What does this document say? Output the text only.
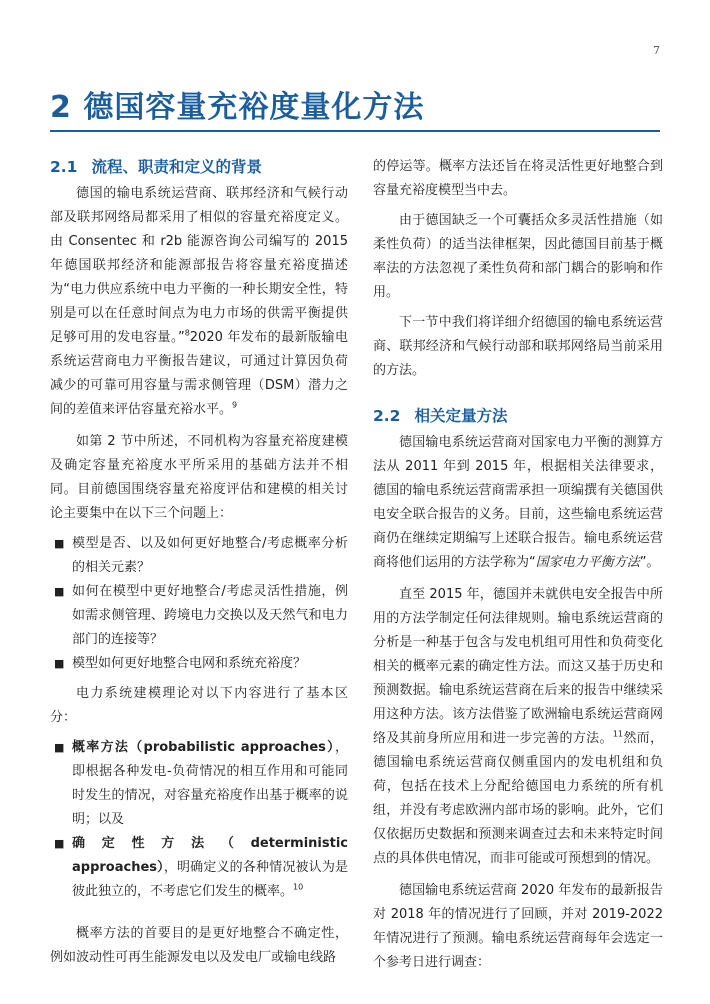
7
2 德国容量充裕度量化方法
2.1 流程、职责和定义的背景

德国的输电系统运营商、联邦经济和气候行动部及联邦网络局都采用了相似的容量充裕度定义。由 Consentec 和 r2b 能源咨询公司编写的 2015 年德国联邦经济和能源部报告将容量充裕度描述为“电力供应系统中电力平衡的一种长期安全性，特别是可以在任意时间点为电力市场的供需平衡提供足够可用的发电容量。”$^8$2020 年发布的最新版输电系统运营商电力平衡报告建议，可通过计算因负荷减少的可靠可用容量与需求侧管理（DSM）潜力之间的差值来评估容量充裕水平。$^9$

如第 2 节中所述，不同机构为容量充裕度建模及确定容量充裕度水平所采用的基础方法并不相同。目前德国围绕容量充裕度评估和建模的相关讨论主要集中在以下三个问题上：

■ 模型是否、以及如何更好地整合/考虑概率分析的相关元素？
■ 如何在模型中更好地整合/考虑灵活性措施，例如需求侧管理、跨境电力交换以及天然气和电力部门的连接等？
■ 模型如何更好地整合电网和系统充裕度？

电力系统建模理论对以下内容进行了基本区分：

■ 概率方法（probabilistic approaches），即根据各种发电-负荷情况的相互作用和可能同时发生的情况，对容量充裕度作出基于概率的说明；以及
■ 确定性方法（deterministic approaches），明确定义的各种情况被认为是彼此独立的，不考虑它们发生的概率。$^{10}$

概率方法的首要目的是更好地整合不确定性，例如波动性可再生能源发电以及发电厂或输电线路

的停运等。概率方法还旨在将灵活性更好地整合到容量充裕度模型当中去。

由于德国缺乏一个可囊括众多灵活性措施（如柔性负荷）的适当法律框架，因此德国目前基于概率法的方法忽视了柔性负荷和部门耦合的影响和作用。

下一节中我们将详细介绍德国的输电系统运营商、联邦经济和气候行动部和联邦网络局当前采用的方法。

2.2 相关定量方法

德国输电系统运营商对国家电力平衡的测算方法从 2011 年到 2015 年，根据相关法律要求，德国的输电系统运营商需承担一项编撰有关德国供电安全联合报告的义务。目前，这些输电系统运营商仍在继续定期编写上述联合报告。输电系统运营商将他们运用的方法学称为“国家电力平衡方法”。

直至 2015 年，德国并未就供电安全报告中所用的方法学制定任何法律规则。输电系统运营商的分析是一种基于包含与发电机组可用性和负荷变化相关的概率元素的确定性方法。而这又基于历史和预测数据。输电系统运营商在后来的报告中继续采用这种方法。该方法借鉴了欧洲输电系统运营商网络及其前身所应用和进一步完善的方法。$^{11}$然而，德国输电系统运营商仅侧重国内的发电机组和负荷，包括在技术上分配给德国电力系统的所有机组，并没有考虑欧洲内部市场的影响。此外，它们仅依据历史数据和预测来调查过去和未来特定时间点的具体供电情况，而非可能或可预想到的情况。

德国输电系统运营商 2020 年发布的最新报告对 2018 年的情况进行了回顾，并对 2019-2022 年情况进行了预测。输电系统运营商每年会选定一个参考日进行调查：
